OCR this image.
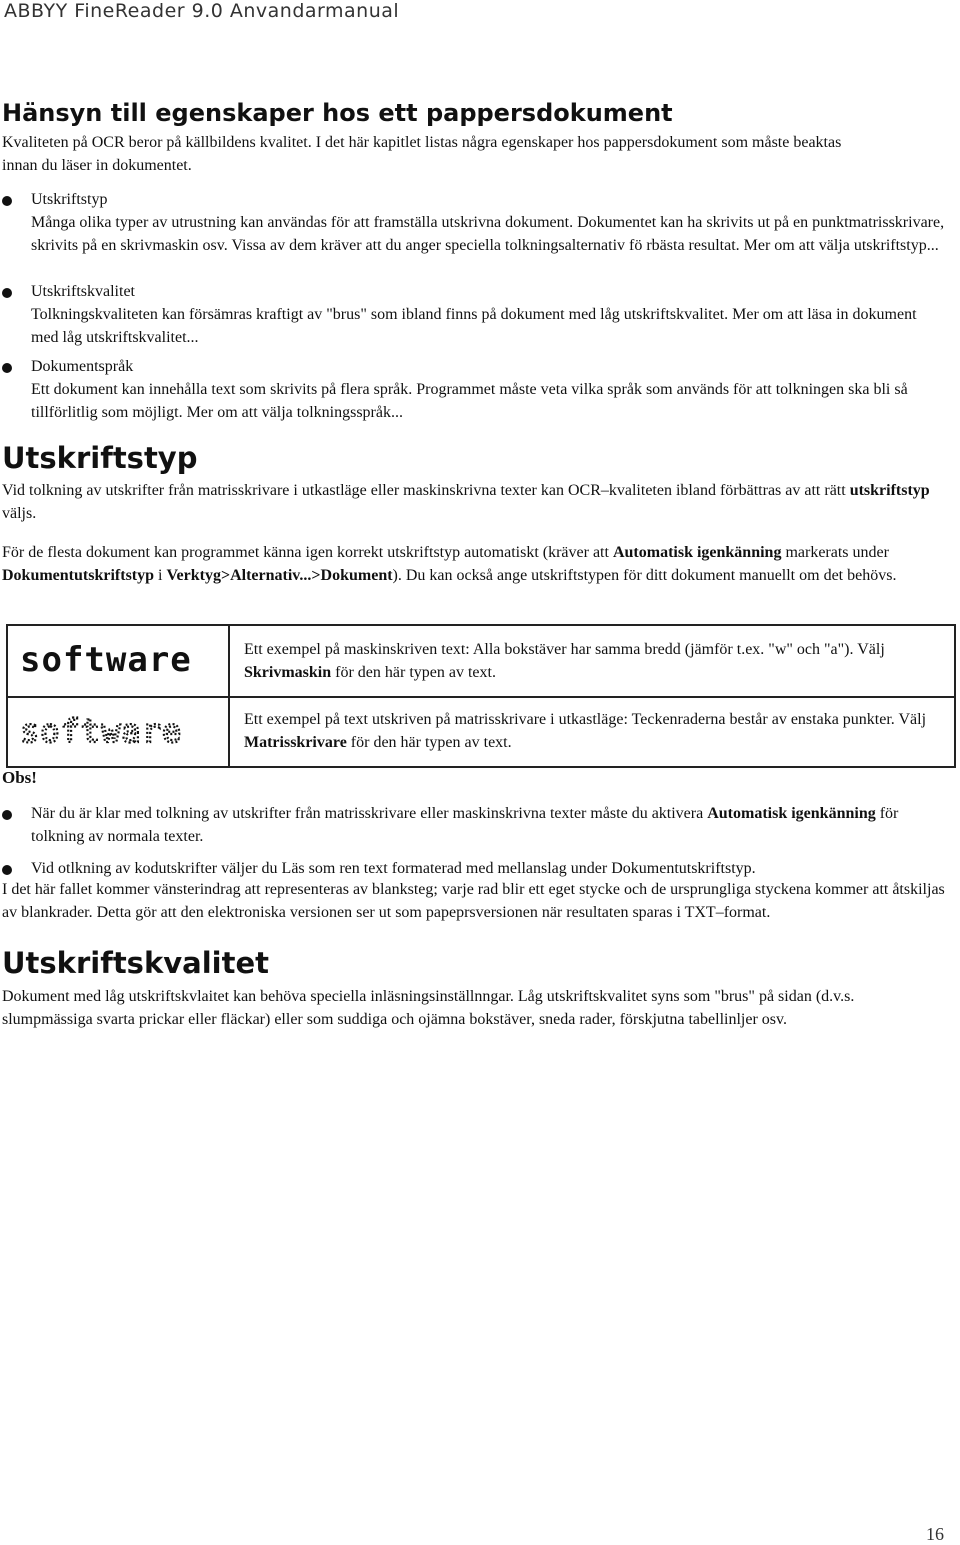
ABBYY FineReader 9.0 Anvandarmanual
Hänsyn till egenskaper hos ett pappersdokument

Kvaliteten på OCR beror på källbildens kvalitet. I det här kapitlet listas några egenskaper hos pappersdokument som måste beaktas
innan du läser in dokumentet.

Utskriftstyp
Många olika typer av utrustning kan användas för att framställa utskrivna dokument. Dokumentet kan ha skrivits ut på en punktmatrisskrivare, skrivits på en skrivmaskin osv. Vissa av dem kräver att du anger speciella tolkningsalternativ fö rbästa resultat. Mer om att välja utskriftstyp...
Utskriftskvalitet
Tolkningskvaliteten kan försämras kraftigt av "brus" som ibland finns på dokument med låg utskriftskvalitet. Mer om att läsa in dokument med låg utskriftskvalitet...
Dokumentspråk
Ett dokument kan innehålla text som skrivits på flera språk. Programmet måste veta vilka språk som används för att tolkningen ska bli så tillförlitlig som möjligt. Mer om att välja tolkningsspråk...
Utskriftstyp

Vid tolkning av utskrifter från matrisskrivare i utkastläge eller maskinskrivna texter kan OCR–kvaliteten ibland förbättras av att rätt utskriftstyp väljs.

För de flesta dokument kan programmet känna igen korrekt utskriftstyp automatiskt (kräver att Automatisk igenkänning markerats under Dokumentutskriftstyp i Verktyg>Alternativ...>Dokument). Du kan också ange utskriftstypen för ditt dokument manuellt om det behövs.

software	Ett exempel på maskinskriven text: Alla bokstäver har samma bredd (jämför t.ex. "w" och "a"). Välj Skrivmaskin för den här typen av text.
software	Ett exempel på text utskriven på matrisskrivare i utkastläge: Teckenraderna består av enstaka punkter. Välj Matrisskrivare för den här typen av text.
Obs!
När du är klar med tolkning av utskrifter från matrisskrivare eller maskinskrivna texter måste du aktivera Automatisk igenkänning för tolkning av normala texter.
Vid otlkning av kodutskrifter väljer du Läs som ren text formaterad med mellanslag under Dokumentutskriftstyp.

I det här fallet kommer vänsterindrag att representeras av blanksteg; varje rad blir ett eget stycke och de ursprungliga styckena kommer att åtskiljas av blankrader. Detta gör att den elektroniska versionen ser ut som papeprsversionen när resultaten sparas i TXT–format.

Utskriftskvalitet

Dokument med låg utskriftskvlaitet kan behöva speciella inläsningsinställnngar. Låg utskriftskvalitet syns som "brus" på sidan (d.v.s. slumpmässiga svarta prickar eller fläckar) eller som suddiga och ojämna bokstäver, sneda rader, förskjutna tabellinljer osv.

16
